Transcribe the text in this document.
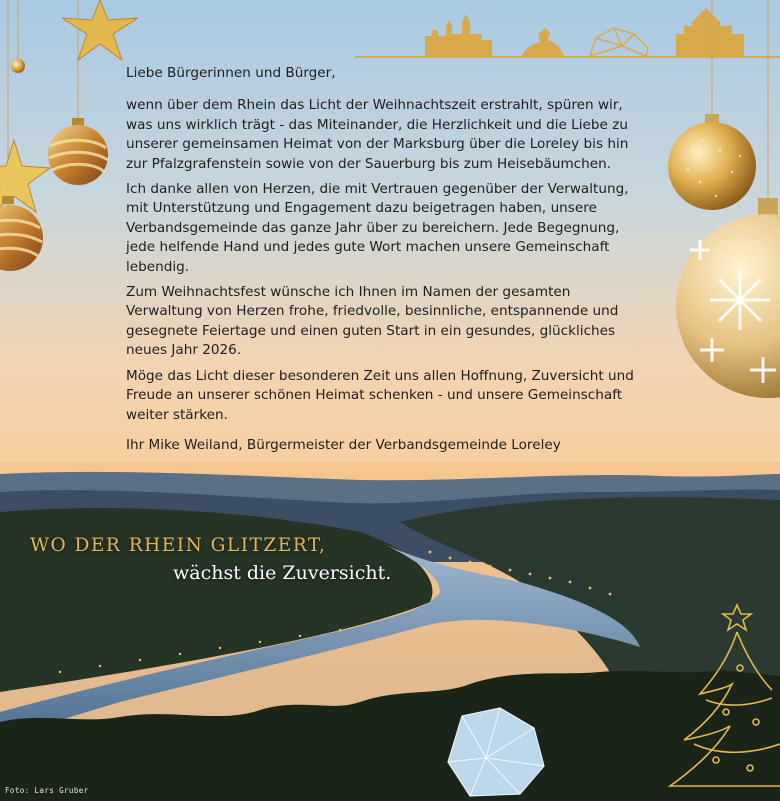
Liebe Bürgerinnen und Bürger,

wenn über dem Rhein das Licht der Weihnachtszeit erstrahlt, spüren wir, was uns wirklich trägt - das Miteinander, die Herzlichkeit und die Liebe zu unserer gemeinsamen Heimat von der Marksburg über die Loreley bis hin zur Pfalzgrafenstein sowie von der Sauerburg bis zum Heisebäumchen.

Ich danke allen von Herzen, die mit Vertrauen gegenüber der Verwaltung, mit Unterstützung und Engagement dazu beigetragen haben, unsere Verbandsgemeinde das ganze Jahr über zu bereichern. Jede Begegnung, jede helfende Hand und jedes gute Wort machen unsere Gemeinschaft lebendig.

Zum Weihnachtsfest wünsche ich Ihnen im Namen der gesamten Verwaltung von Herzen frohe, friedvolle, besinnliche, entspannende und gesegnete Feiertage und einen guten Start in ein gesundes, glückliches neues Jahr 2026.

Möge das Licht dieser besonderen Zeit uns allen Hoffnung, Zuversicht und Freude an unserer schönen Heimat schenken - und unsere Gemeinschaft weiter stärken.

Ihr Mike Weiland, Bürgermeister der Verbandsgemeinde Loreley

WO DER RHEIN GLITZERT,
wächst die Zuversicht.
Foto: Lars Gruber
